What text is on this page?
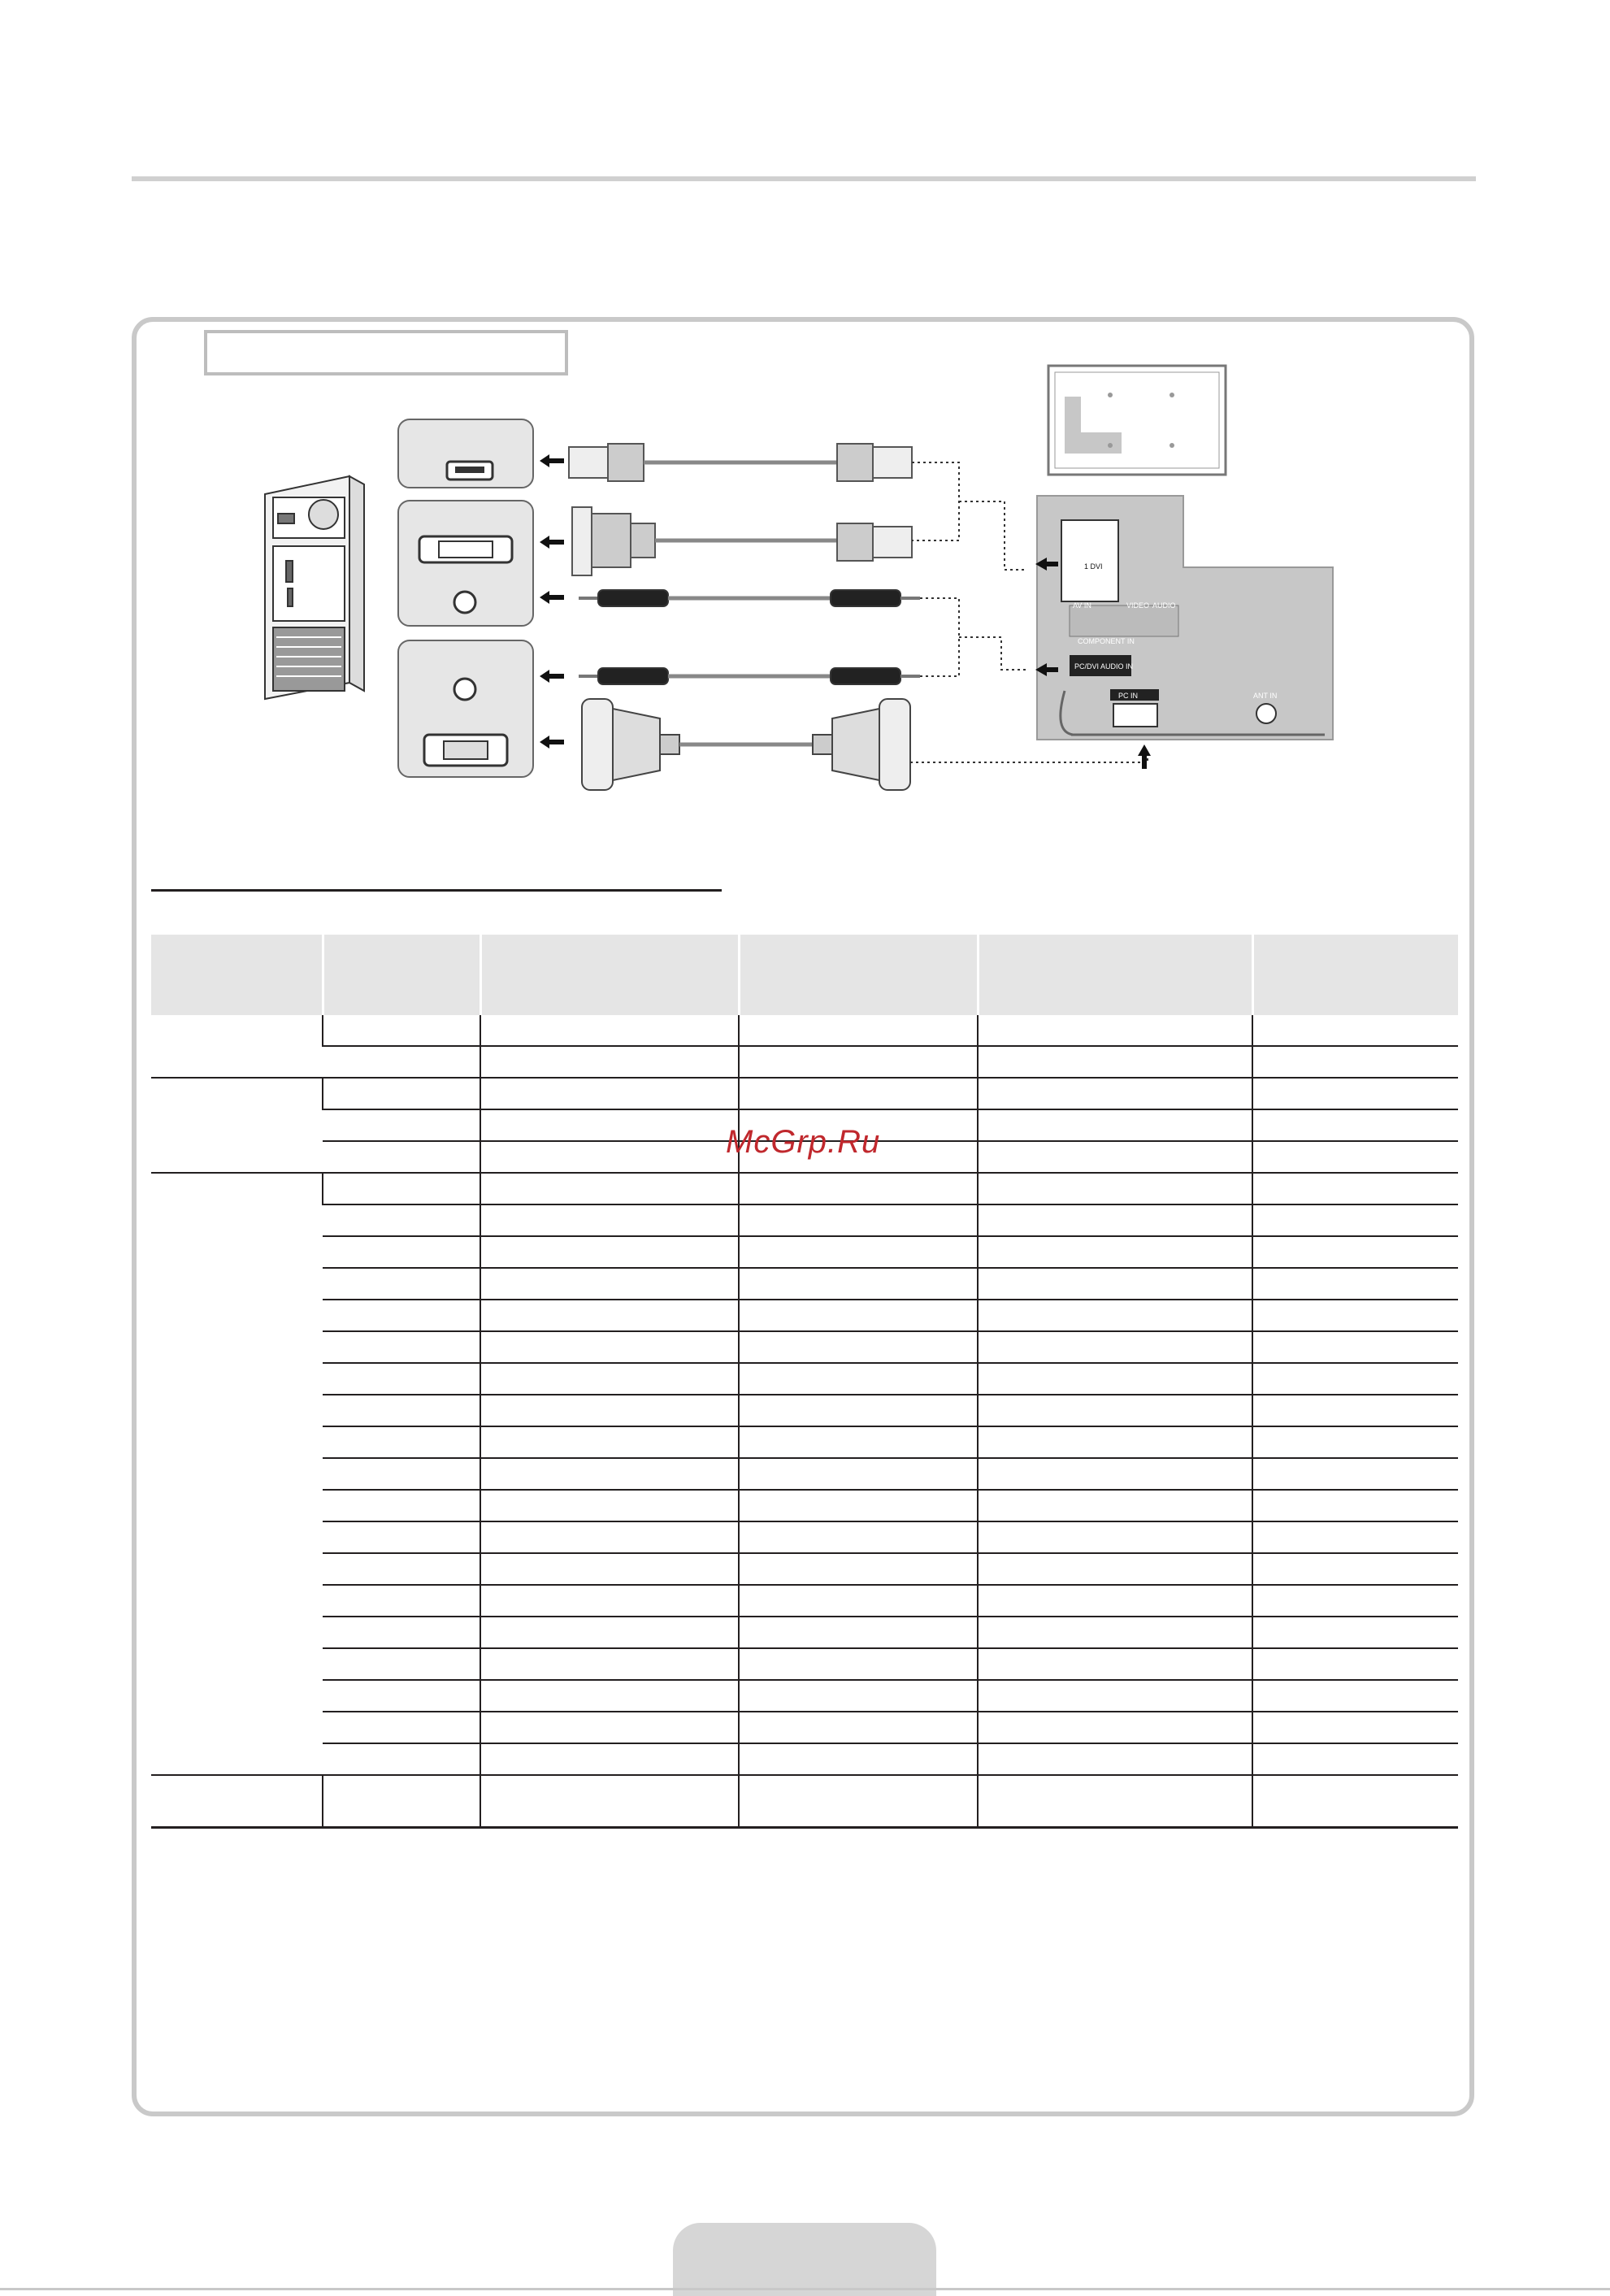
1 DVI
AV IN	VIDEO AUDIO
COMPONENT IN
PC/DVI AUDIO IN
PC IN	ANT IN

McGrp.Ru
